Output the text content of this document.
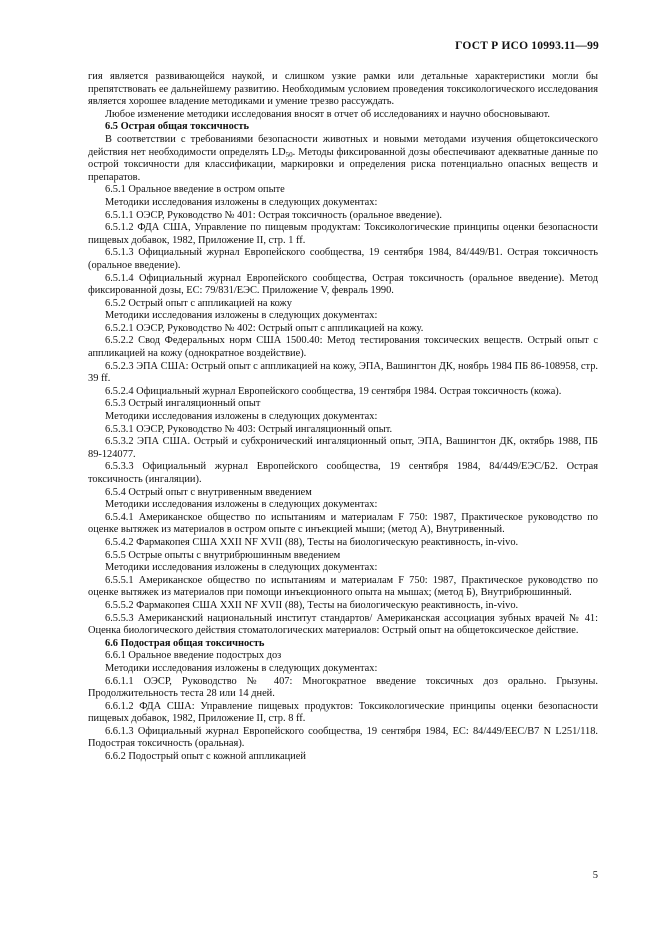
ГОСТ Р ИСО 10993.11—99

гия является развивающейся наукой, и слишком узкие рамки или детальные характеристики могли бы препятствовать ее дальнейшему развитию. Необходимым условием проведения токсикологического исследования является хорошее владение методиками и умение трезво рассуждать.

Любое изменение методики исследования вносят в отчет об исследованиях и научно обосновывают.

6.5 Острая общая токсичность

В соответствии с требованиями безопасности животных и новыми методами изучения общетоксического действия нет необходимости определять $LD_{50}$. Методы фиксированной дозы обеспечивают адекватные данные по острой токсичности для классификации, маркировки и определения риска потенциально опасных веществ и препаратов.

6.5.1 Оральное введение в остром опыте

Методики исследования изложены в следующих документах:

6.5.1.1 ОЭСР, Руководство № 401: Острая токсичность (оральное введение).

6.5.1.2 ФДА США, Управление по пищевым продуктам: Токсикологические принципы оценки безопасности пищевых добавок, 1982, Приложение II, стр. 1 ff.

6.5.1.3 Официальный журнал Европейского сообщества, 19 сентября 1984, 84/449/B1. Острая токсичность (оральное введение).

6.5.1.4 Официальный журнал Европейского сообщества, Острая токсичность (оральное введение). Метод фиксированной дозы, ЕС: 79/831/ЕЭС. Приложение V, февраль 1990.

6.5.2 Острый опыт с аппликацией на кожу

Методики исследования изложены в следующих документах:

6.5.2.1 ОЭСР, Руководство № 402: Острый опыт с аппликацией на кожу.

6.5.2.2 Свод Федеральных норм США 1500.40: Метод тестирования токсических веществ. Острый опыт с аппликацией на кожу (однократное воздействие).

6.5.2.3 ЭПА США: Острый опыт с аппликацией на кожу, ЭПА, Вашингтон ДК, ноябрь 1984 ПБ 86-108958, стр. 39 ff.

6.5.2.4 Официальный журнал Европейского сообщества, 19 сентября 1984. Острая токсичность (кожа).

6.5.3 Острый ингаляционный опыт

Методики исследования изложены в следующих документах:

6.5.3.1 ОЭСР, Руководство № 403: Острый ингаляционный опыт.

6.5.3.2 ЭПА США. Острый и субхронический ингаляционный опыт, ЭПА, Вашингтон ДК, октябрь 1988, ПБ 89-124077.

6.5.3.3 Официальный журнал Европейского сообщества, 19 сентября 1984, 84/449/ЕЭС/Б2. Острая токсичность (ингаляции).

6.5.4 Острый опыт с внутривенным введением

Методики исследования изложены в следующих документах:

6.5.4.1 Американское общество по испытаниям и материалам F 750: 1987, Практическое руководство по оценке вытяжек из материалов в остром опыте с инъекцией мыши; (метод А), Внутривенный.

6.5.4.2 Фармакопея США XXII NF XVII (88), Тесты на биологическую реактивность, in-vivo.

6.5.5 Острые опыты с внутрибрюшинным введением

Методики исследования изложены в следующих документах:

6.5.5.1 Американское общество по испытаниям и материалам F 750: 1987, Практическое руководство по оценке вытяжек из материалов при помощи инъекционного опыта на мышах; (метод Б), Внутрибрюшинный.

6.5.5.2 Фармакопея США XXII NF XVII (88), Тесты на биологическую реактивность, in-vivo.

6.5.5.3 Американский национальный институт стандартов/ Американская ассоциация зубных врачей № 41: Оценка биологического действия стоматологических материалов: Острый опыт на общетоксическое действие.

6.6 Подострая общая токсичность

6.6.1 Оральное введение подострых доз

Методики исследования изложены в следующих документах:

6.6.1.1 ОЭСР, Руководство № 407: Многократное введение токсичных доз орально. Грызуны. Продолжительность теста 28 или 14 дней.

6.6.1.2 ФДА США: Управление пищевых продуктов: Токсикологические принципы оценки безопасности пищевых добавок, 1982, Приложение II, стр. 8 ff.

6.6.1.3 Официальный журнал Европейского сообщества, 19 сентября 1984, ЕС: 84/449/ЕЕС/В7 N L251/118. Подострая токсичность (оральная).

6.6.2 Подострый опыт с кожной аппликацией

5
